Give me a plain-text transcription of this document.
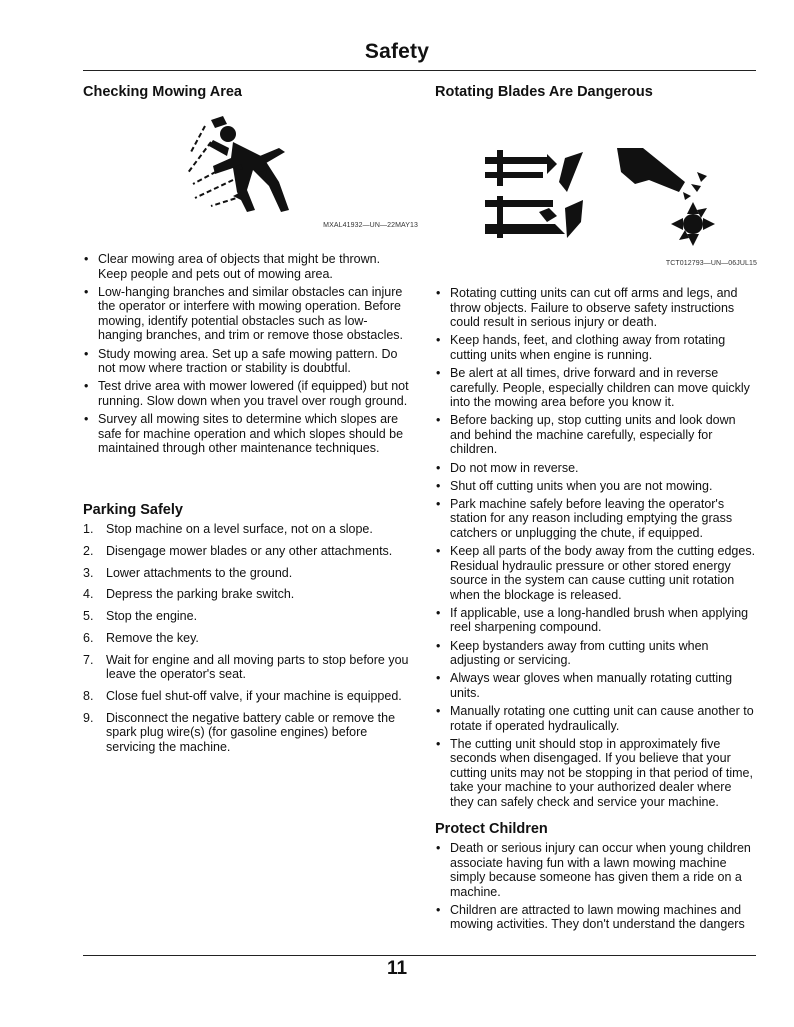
Safety
Checking Mowing Area
MXAL41932—UN—22MAY13
• Clear mowing area of objects that might be thrown. Keep people and pets out of mowing area.
• Low-hanging branches and similar obstacles can injure the operator or interfere with mowing operation. Before mowing, identify potential obstacles such as low-hanging branches, and trim or remove those obstacles.
• Study mowing area. Set up a safe mowing pattern. Do not mow where traction or stability is doubtful.
• Test drive area with mower lowered (if equipped) but not running. Slow down when you travel over rough ground.
• Survey all mowing sites to determine which slopes are safe for machine operation and which slopes should be maintained through other maintenance techniques.
Parking Safely
1. Stop machine on a level surface, not on a slope.
2. Disengage mower blades or any other attachments.
3. Lower attachments to the ground.
4. Depress the parking brake switch.
5. Stop the engine.
6. Remove the key.
7. Wait for engine and all moving parts to stop before you leave the operator's seat.
8. Close fuel shut-off valve, if your machine is equipped.
9. Disconnect the negative battery cable or remove the spark plug wire(s) (for gasoline engines) before servicing the machine.
Rotating Blades Are Dangerous
TCT012793—UN—06JUL15
• Rotating cutting units can cut off arms and legs, and throw objects. Failure to observe safety instructions could result in serious injury or death.
• Keep hands, feet, and clothing away from rotating cutting units when engine is running.
• Be alert at all times, drive forward and in reverse carefully. People, especially children can move quickly into the mowing area before you know it.
• Before backing up, stop cutting units and look down and behind the machine carefully, especially for children.
• Do not mow in reverse.
• Shut off cutting units when you are not mowing.
• Park machine safely before leaving the operator's station for any reason including emptying the grass catchers or unplugging the chute, if equipped.
• Keep all parts of the body away from the cutting edges. Residual hydraulic pressure or other stored energy source in the system can cause cutting unit rotation when the blockage is released.
• If applicable, use a long-handled brush when applying reel sharpening compound.
• Keep bystanders away from cutting units when adjusting or servicing.
• Always wear gloves when manually rotating cutting units.
• Manually rotating one cutting unit can cause another to rotate if operated hydraulically.
• The cutting unit should stop in approximately five seconds when disengaged. If you believe that your cutting units may not be stopping in that period of time, take your machine to your authorized dealer where they can safely check and service your machine.
Protect Children
• Death or serious injury can occur when young children associate having fun with a lawn mowing machine simply because someone has given them a ride on a machine.
• Children are attracted to lawn mowing machines and mowing activities. They don't understand the dangers
11
